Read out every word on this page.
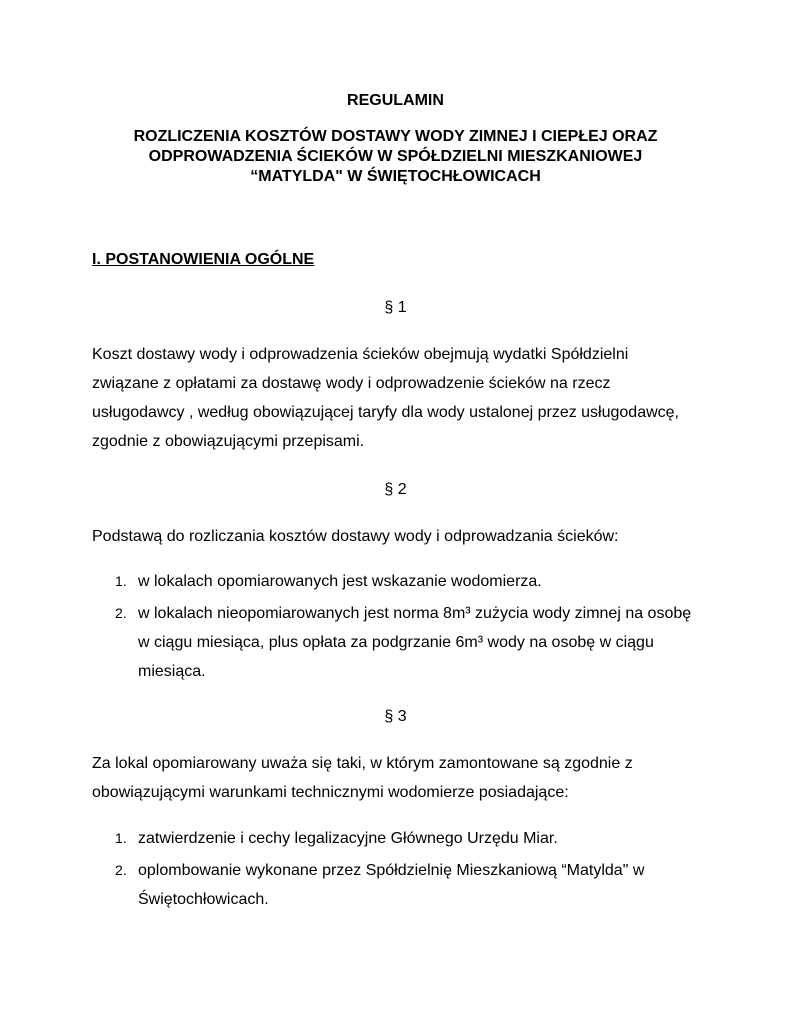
REGULAMIN
ROZLICZENIA KOSZTÓW DOSTAWY WODY ZIMNEJ I CIEPŁEJ ORAZ
ODPROWADZENIA ŚCIEKÓW W SPÓŁDZIELNI MIESZKANIOWEJ
“MATYLDA" W ŚWIĘTOCHŁOWICACH
I. POSTANOWIENIA OGÓLNE

§ 1

Koszt dostawy wody i odprowadzenia ścieków obejmują wydatki Spółdzielni związane z opłatami za dostawę wody i odprowadzenie ścieków na rzecz usługodawcy , według obowiązującej taryfy dla wody ustalonej przez usługodawcę, zgodnie z obowiązującymi przepisami.

§ 2

Podstawą do rozliczania kosztów dostawy wody i odprowadzania ścieków:

1. w lokalach opomiarowanych jest wskazanie wodomierza.
2. w lokalach nieopomiarowanych jest norma 8m³ zużycia wody zimnej na osobę w ciągu miesiąca, plus opłata za podgrzanie 6m³ wody na osobę w ciągu miesiąca.

§ 3

Za lokal opomiarowany uważa się taki, w którym zamontowane są zgodnie z obowiązującymi warunkami technicznymi wodomierze posiadające:

1. zatwierdzenie i cechy legalizacyjne Głównego Urzędu Miar.
2. oplombowanie wykonane przez Spółdzielnię Mieszkaniową “Matylda" w Świętochłowicach.
